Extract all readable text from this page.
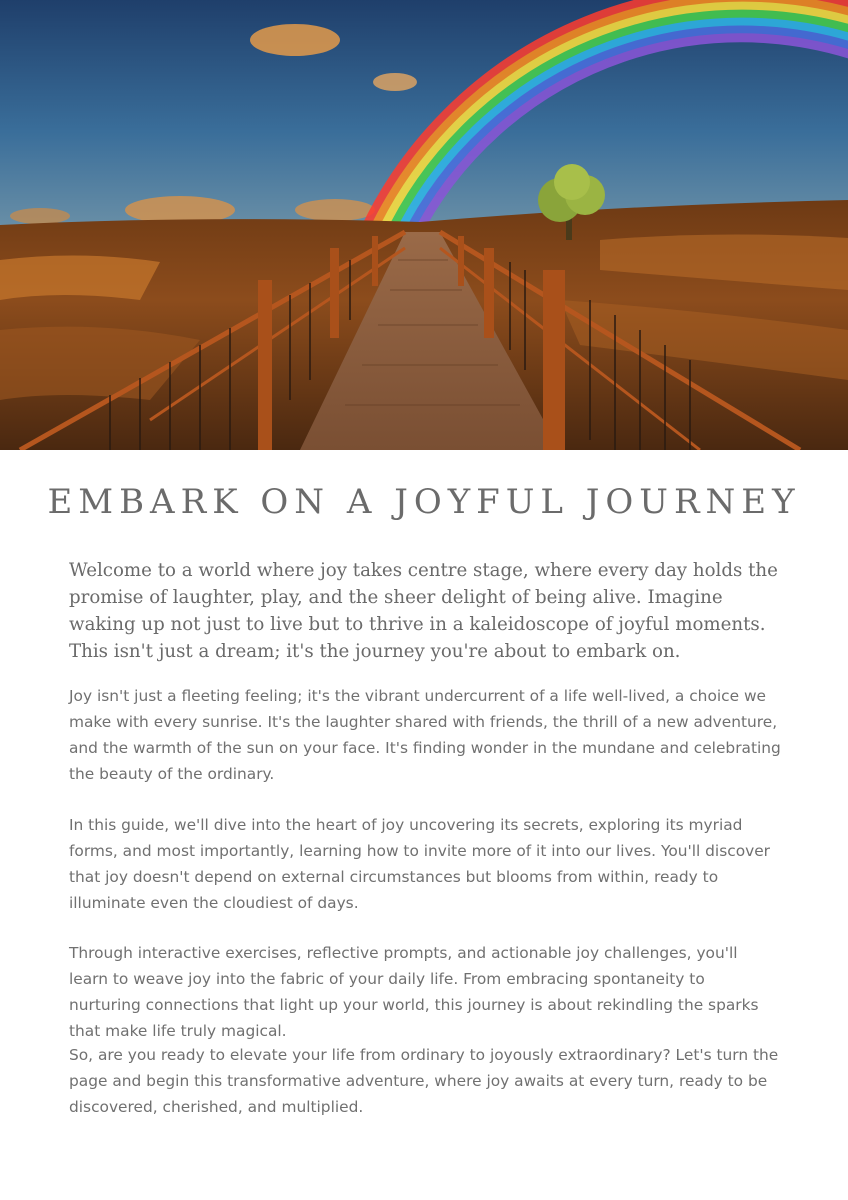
EMBARK ON A JOYFUL JOURNEY

Welcome to a world where joy takes centre stage, where every day holds the promise of laughter, play, and the sheer delight of being alive. Imagine waking up not just to live but to thrive in a kaleidoscope of joyful moments. This isn't just a dream; it's the journey you're about to embark on.

Joy isn't just a fleeting feeling; it's the vibrant undercurrent of a life well-lived, a choice we make with every sunrise. It's the laughter shared with friends, the thrill of a new adventure, and the warmth of the sun on your face. It's finding wonder in the mundane and celebrating the beauty of the ordinary.

In this guide, we'll dive into the heart of joy uncovering its secrets, exploring its myriad forms, and most importantly, learning how to invite more of it into our lives. You'll discover that joy doesn't depend on external circumstances but blooms from within, ready to illuminate even the cloudiest of days.

Through interactive exercises, reflective prompts, and actionable joy challenges, you'll learn to weave joy into the fabric of your daily life. From embracing spontaneity to nurturing connections that light up your world, this journey is about rekindling the sparks that make life truly magical.

So, are you ready to elevate your life from ordinary to joyously extraordinary? Let's turn the page and begin this transformative adventure, where joy awaits at every turn, ready to be discovered, cherished, and multiplied.
